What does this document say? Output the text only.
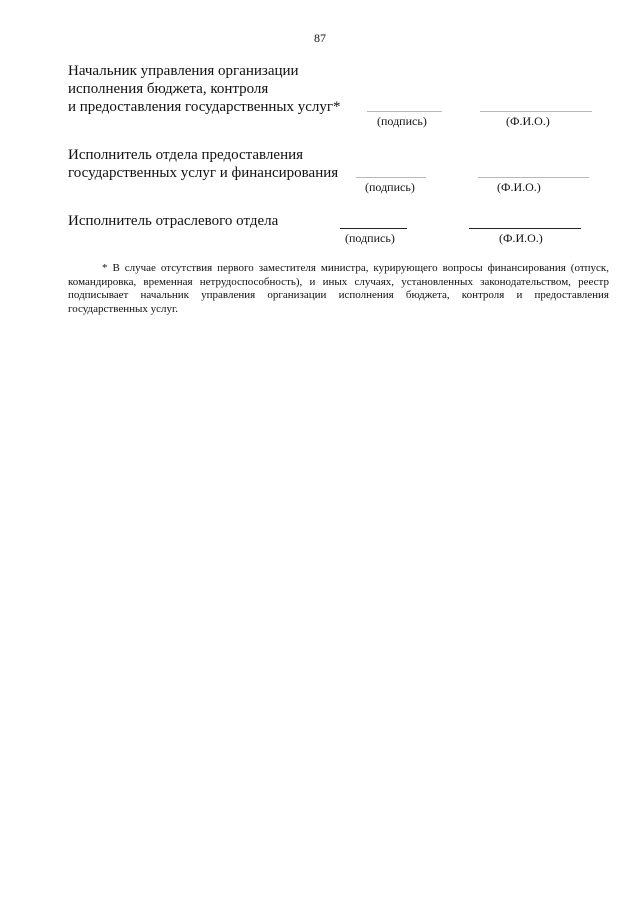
87
Начальник управления организации
исполнения бюджета, контроля
и предоставления государственных услуг*
(подпись)	(Ф.И.О.)
Исполнитель отдела предоставления
государственных услуг и финансирования
(подпись)	(Ф.И.О.)
Исполнитель отраслевого отдела
(подпись)	(Ф.И.О.)
* В случае отсутствия первого заместителя министра, курирующего вопросы финансирования (отпуск, командировка, временная нетрудоспособность), и иных случаях, установленных законодательством, реестр подписывает начальник управления организации исполнения бюджета, контроля и предоставления государственных услуг.
